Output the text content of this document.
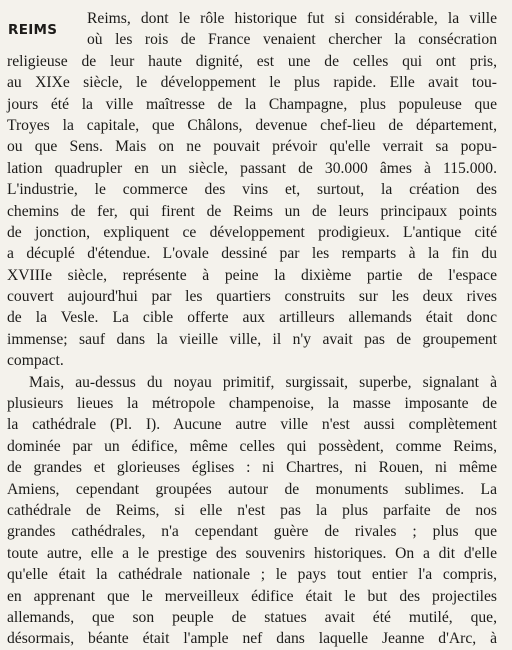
REIMS
Reims, dont le rôle historique fut si considérable, la ville
où les rois de France venaient chercher la consécration
religieuse de leur haute dignité, est une de celles qui ont pris,
au XIXe siècle, le développement le plus rapide. Elle avait tou-
jours été la ville maîtresse de la Champagne, plus populeuse que
Troyes la capitale, que Châlons, devenue chef-lieu de département,
ou que Sens. Mais on ne pouvait prévoir qu'elle verrait sa popu-
lation quadrupler en un siècle, passant de 30.000 âmes à 115.000.
L'industrie, le commerce des vins et, surtout, la création des
chemins de fer, qui firent de Reims un de leurs principaux points
de jonction, expliquent ce développement prodigieux. L'antique cité
a décuplé d'étendue. L'ovale dessiné par les remparts à la fin du
XVIIIe siècle, représente à peine la dixième partie de l'espace
couvert aujourd'hui par les quartiers construits sur les deux rives
de la Vesle. La cible offerte aux artilleurs allemands était donc
immense; sauf dans la vieille ville, il n'y avait pas de groupement
compact.
Mais, au-dessus du noyau primitif, surgissait, superbe, signalant à
plusieurs lieues la métropole champenoise, la masse imposante de
la cathédrale (Pl. I). Aucune autre ville n'est aussi complètement
dominée par un édifice, même celles qui possèdent, comme Reims,
de grandes et glorieuses églises : ni Chartres, ni Rouen, ni même
Amiens, cependant groupées autour de monuments sublimes. La
cathédrale de Reims, si elle n'est pas la plus parfaite de nos
grandes cathédrales, n'a cependant guère de rivales ; plus que
toute autre, elle a le prestige des souvenirs historiques. On a dit d'elle
qu'elle était la cathédrale nationale ; le pays tout entier l'a compris,
en apprenant que le merveilleux édifice était le but des projectiles
allemands, que son peuple de statues avait été mutilé, que,
désormais, béante était l'ample nef dans laquelle Jeanne d'Arc, à
